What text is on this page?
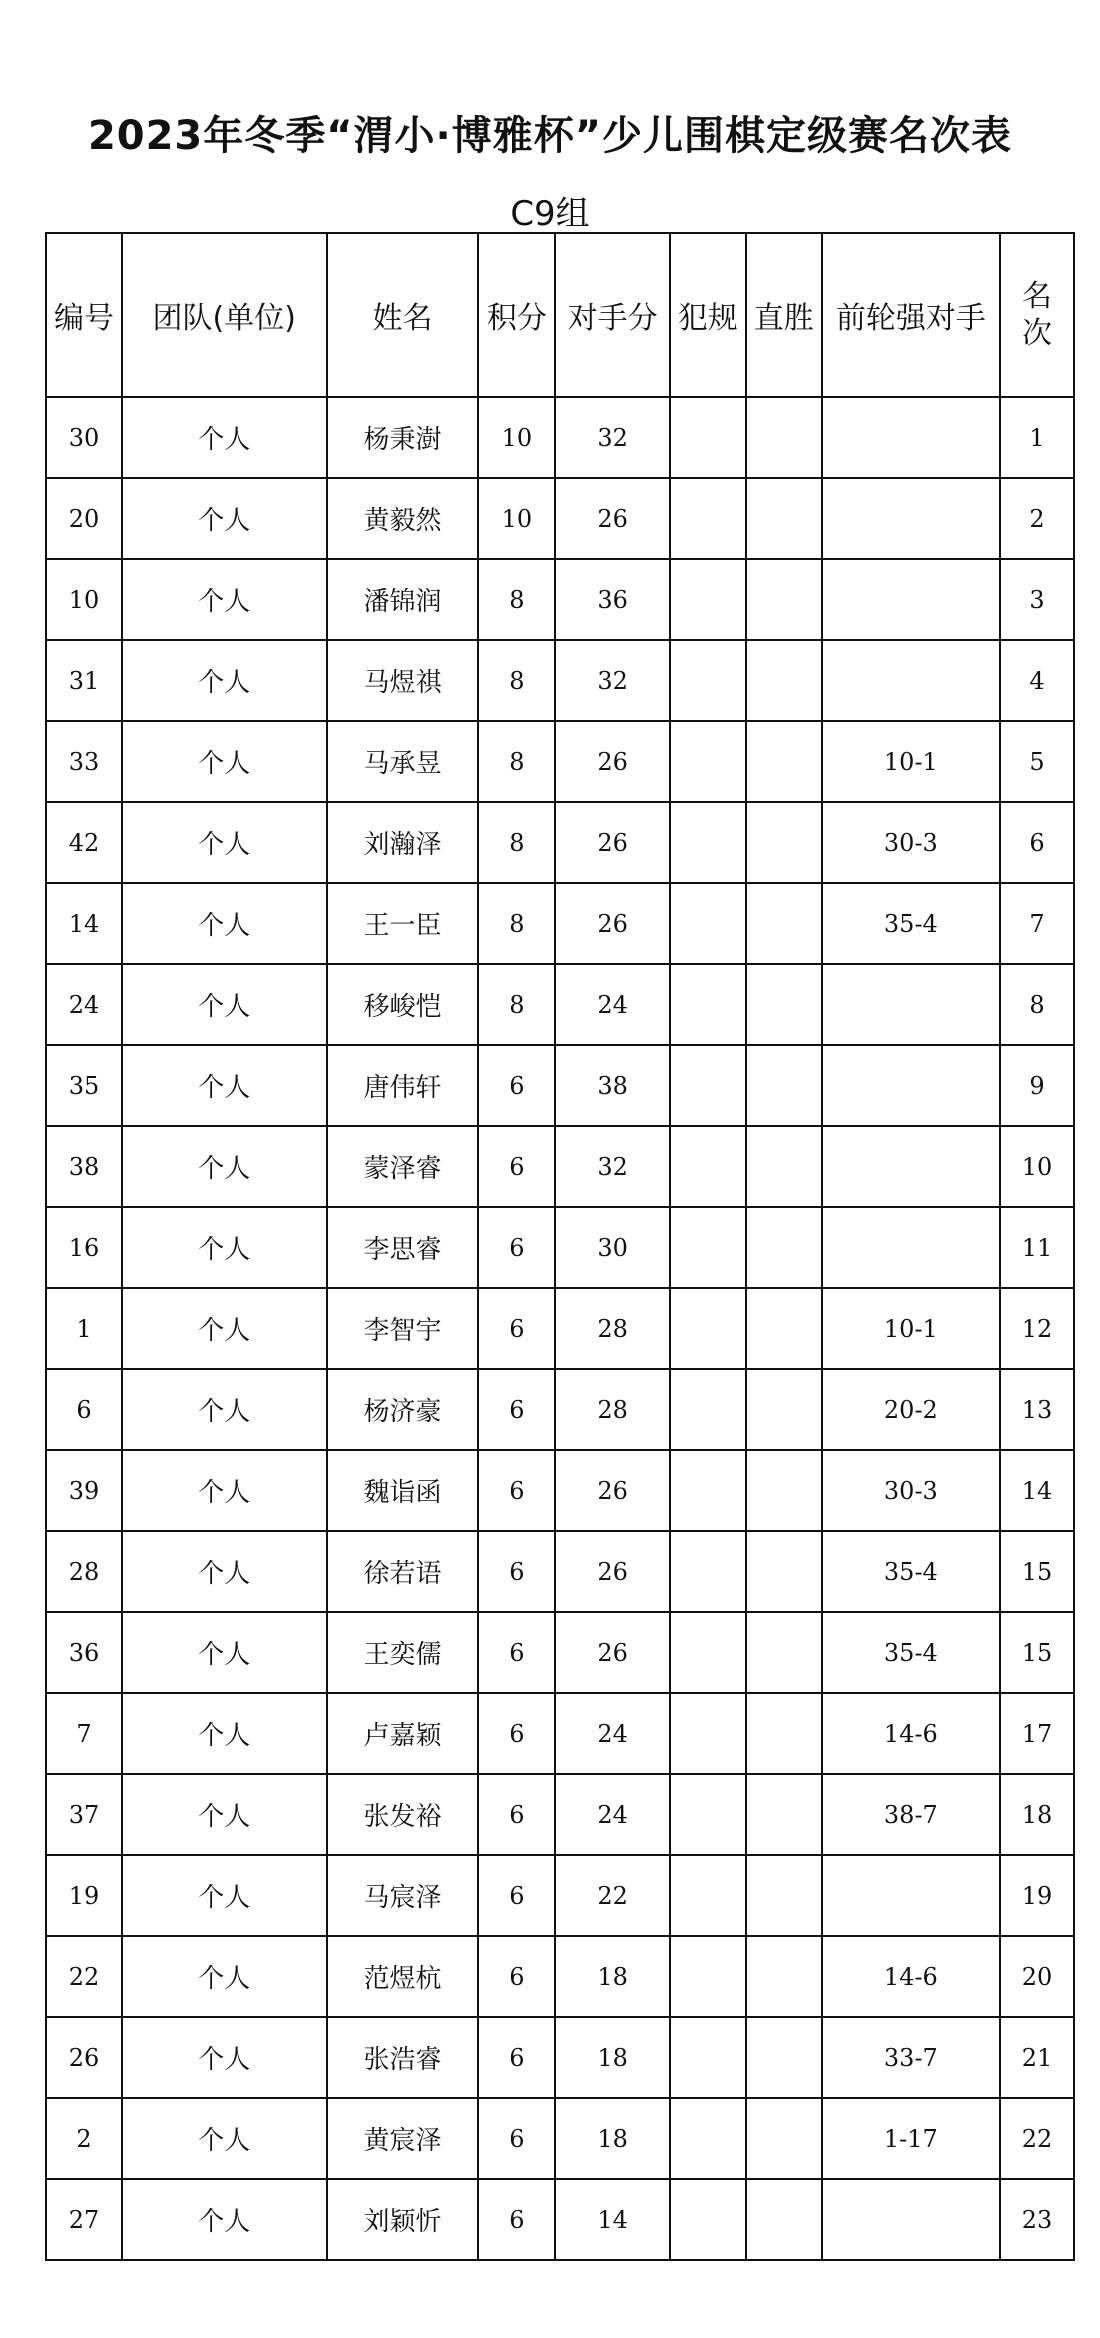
2023年冬季“渭小·博雅杯”少儿围棋定级赛名次表
C9组
编号	团队(单位)	姓名	积分	对手分	犯规	直胜	前轮强对手	名次
30	个人	杨秉澍	10	32				1
20	个人	黄毅然	10	26				2
10	个人	潘锦润	8	36				3
31	个人	马煜祺	8	32				4
33	个人	马承昱	8	26			10-1	5
42	个人	刘瀚泽	8	26			30-3	6
14	个人	王一臣	8	26			35-4	7
24	个人	移峻恺	8	24				8
35	个人	唐伟轩	6	38				9
38	个人	蒙泽睿	6	32				10
16	个人	李思睿	6	30				11
1	个人	李智宇	6	28			10-1	12
6	个人	杨济豪	6	28			20-2	13
39	个人	魏诣函	6	26			30-3	14
28	个人	徐若语	6	26			35-4	15
36	个人	王奕儒	6	26			35-4	15
7	个人	卢嘉颖	6	24			14-6	17
37	个人	张发裕	6	24			38-7	18
19	个人	马宸泽	6	22				19
22	个人	范煜杭	6	18			14-6	20
26	个人	张浩睿	6	18			33-7	21
2	个人	黄宸泽	6	18			1-17	22
27	个人	刘颖忻	6	14				23
